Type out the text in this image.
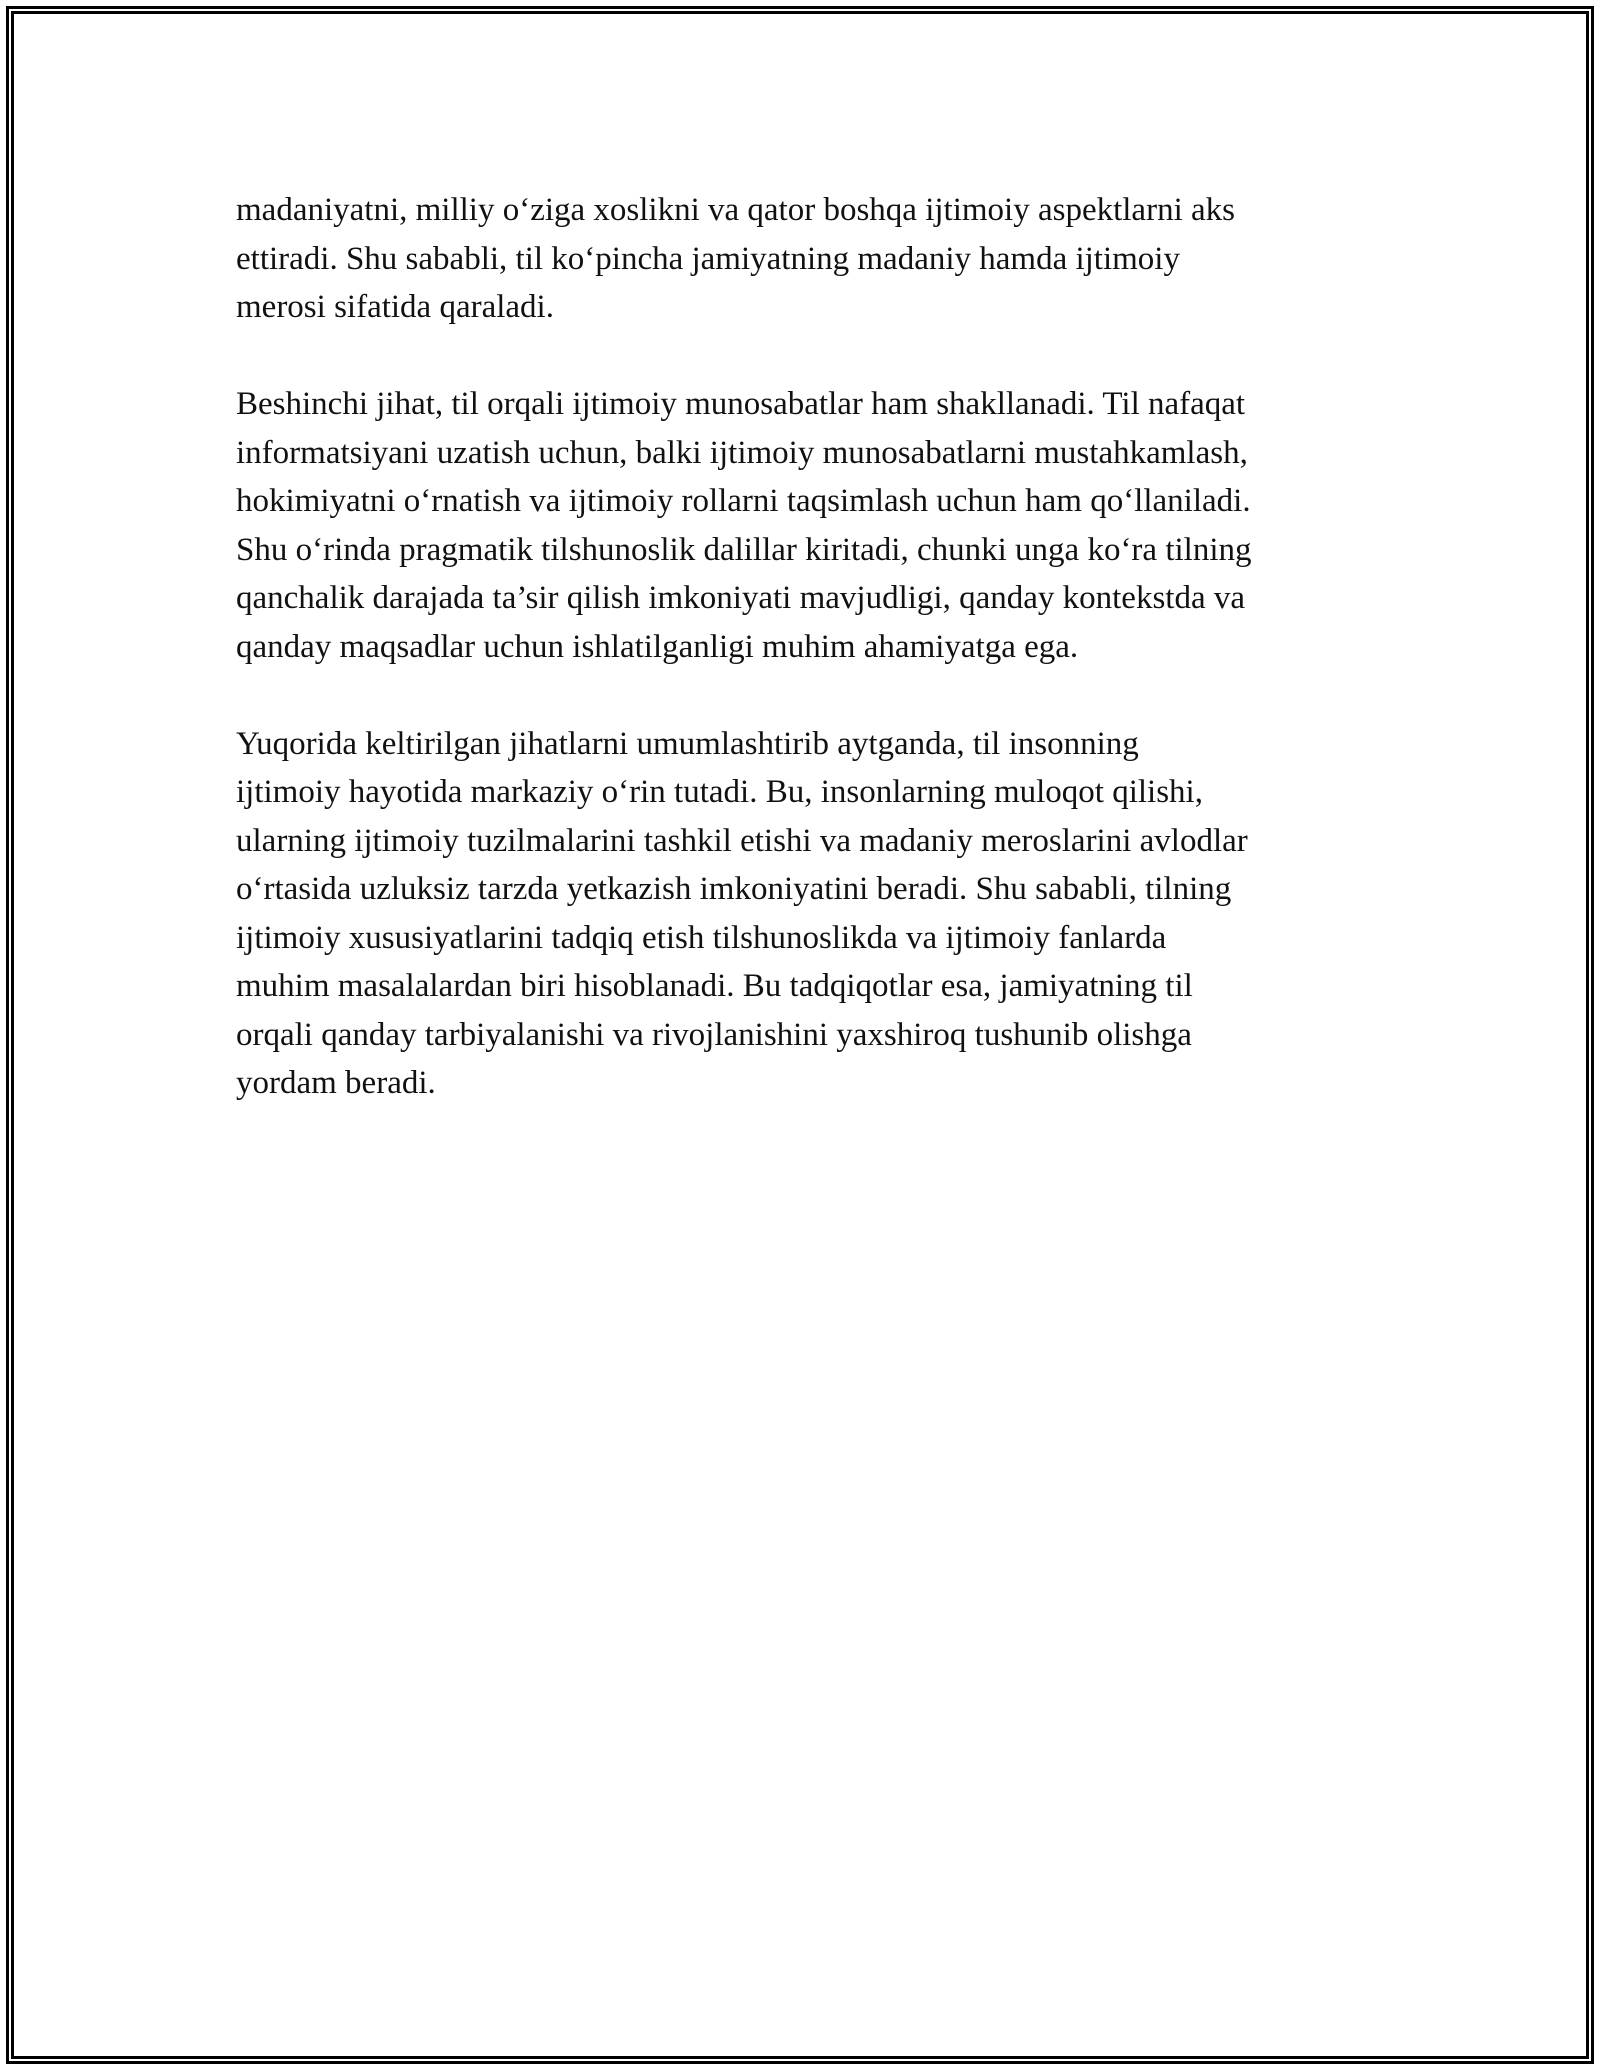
madaniyatni, milliy o‘ziga xoslikni va qator boshqa ijtimoiy aspektlarni aks
ettiradi. Shu sababli, til ko‘pincha jamiyatning madaniy hamda ijtimoiy
merosi sifatida qaraladi.

Beshinchi jihat, til orqali ijtimoiy munosabatlar ham shakllanadi. Til nafaqat
informatsiyani uzatish uchun, balki ijtimoiy munosabatlarni mustahkamlash,
hokimiyatni o‘rnatish va ijtimoiy rollarni taqsimlash uchun ham qo‘llaniladi.
Shu o‘rinda pragmatik tilshunoslik dalillar kiritadi, chunki unga ko‘ra tilning
qanchalik darajada ta’sir qilish imkoniyati mavjudligi, qanday kontekstda va
qanday maqsadlar uchun ishlatilganligi muhim ahamiyatga ega.

Yuqorida keltirilgan jihatlarni umumlashtirib aytganda, til insonning
ijtimoiy hayotida markaziy o‘rin tutadi. Bu, insonlarning muloqot qilishi,
ularning ijtimoiy tuzilmalarini tashkil etishi va madaniy meroslarini avlodlar
o‘rtasida uzluksiz tarzda yetkazish imkoniyatini beradi. Shu sababli, tilning
ijtimoiy xususiyatlarini tadqiq etish tilshunoslikda va ijtimoiy fanlarda
muhim masalalardan biri hisoblanadi. Bu tadqiqotlar esa, jamiyatning til
orqali qanday tarbiyalanishi va rivojlanishini yaxshiroq tushunib olishga
yordam beradi.
